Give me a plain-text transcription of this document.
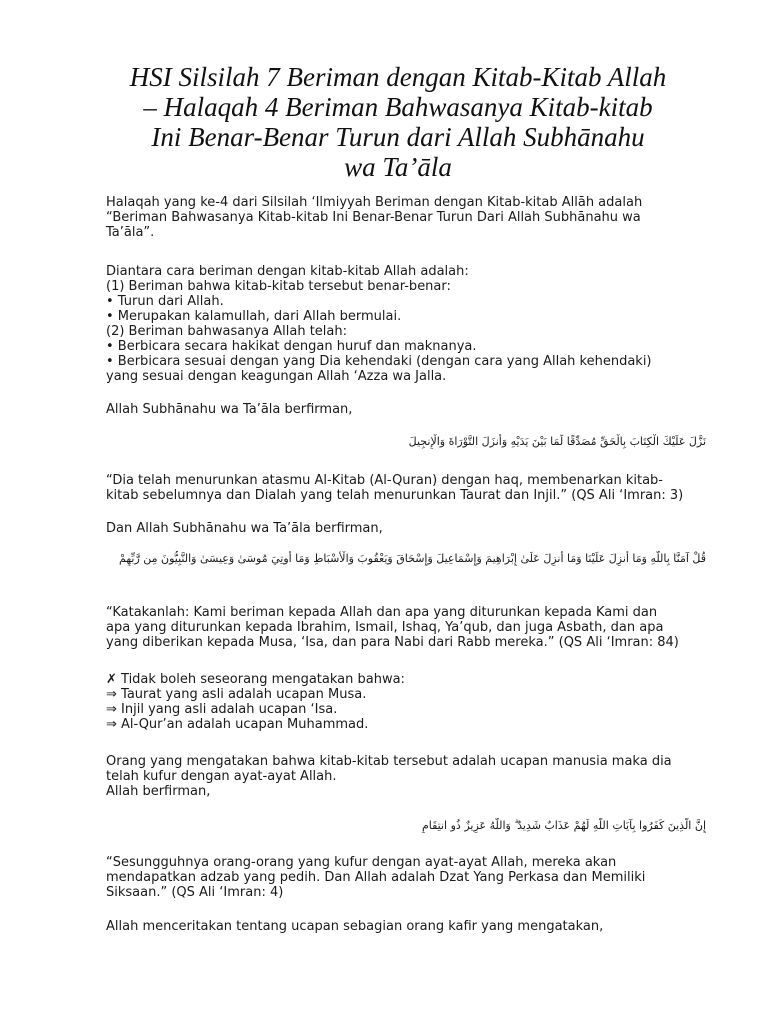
HSI Silsilah 7 Beriman dengan Kitab-Kitab Allah
– Halaqah 4 Beriman Bahwasanya Kitab-kitab
Ini Benar-Benar Turun dari Allah Subhānahu
wa Ta’āla
Halaqah yang ke-4 dari Silsilah ‘Ilmiyyah Beriman dengan Kitab-kitab Allāh adalah
“Beriman Bahwasanya Kitab-kitab Ini Benar-Benar Turun Dari Allah Subhānahu wa
Ta’āla”.
Diantara cara beriman dengan kitab-kitab Allah adalah:
(1) Beriman bahwa kitab-kitab tersebut benar-benar:
• Turun dari Allah.
• Merupakan kalamullah, dari Allah bermulai.
(2) Beriman bahwasanya Allah telah:
• Berbicara secara hakikat dengan huruf dan maknanya.
• Berbicara sesuai dengan yang Dia kehendaki (dengan cara yang Allah kehendaki)
yang sesuai dengan keagungan Allah ‘Azza wa Jalla.
Allah Subhānahu wa Ta’āla berfirman,
نَزَّلَ عَلَيْكَ الْكِتَابَ بِالْحَقِّ مُصَدِّقًا لِّمَا بَيْنَ يَدَيْهِ وَأَنزَلَ التَّوْرَاةَ وَالْإِنجِيلَ
“Dia telah menurunkan atasmu Al-Kitab (Al-Quran) dengan haq, membenarkan kitab-
kitab sebelumnya dan Dialah yang telah menurunkan Taurat dan Injil.” (QS Ali ‘Imran: 3)
Dan Allah Subhānahu wa Ta’āla berfirman,
قُلْ آمَنَّا بِاللَّهِ وَمَا أُنزِلَ عَلَيْنَا وَمَا أُنزِلَ عَلَىٰ إِبْرَاهِيمَ وَإِسْمَاعِيلَ وَإِسْحَاقَ وَيَعْقُوبَ وَالْأَسْبَاطِ وَمَا أُوتِيَ مُوسَىٰ وَعِيسَىٰ وَالنَّبِيُّونَ مِن رَّبِّهِمْ
“Katakanlah: Kami beriman kepada Allah dan apa yang diturunkan kepada Kami dan
apa yang diturunkan kepada Ibrahim, Ismail, Ishaq, Ya’qub, dan juga Asbath, dan apa
yang diberikan kepada Musa, ‘Isa, dan para Nabi dari Rabb mereka.” (QS Ali ‘Imran: 84)
✗ Tidak boleh seseorang mengatakan bahwa:
⇒ Taurat yang asli adalah ucapan Musa.
⇒ Injil yang asli adalah ucapan ‘Isa.
⇒ Al-Qur’an adalah ucapan Muhammad.
Orang yang mengatakan bahwa kitab-kitab tersebut adalah ucapan manusia maka dia
telah kufur dengan ayat-ayat Allah.
Allah berfirman,
إِنَّ الَّذِينَ كَفَرُوا بِآيَاتِ اللَّهِ لَهُمْ عَذَابٌ شَدِيدٌ ۗ وَاللَّهُ عَزِيزٌ ذُو انتِقَامٍ
“Sesungguhnya orang-orang yang kufur dengan ayat-ayat Allah, mereka akan
mendapatkan adzab yang pedih. Dan Allah adalah Dzat Yang Perkasa dan Memiliki
Siksaan.” (QS Ali ‘Imran: 4)
Allah menceritakan tentang ucapan sebagian orang kafir yang mengatakan,
